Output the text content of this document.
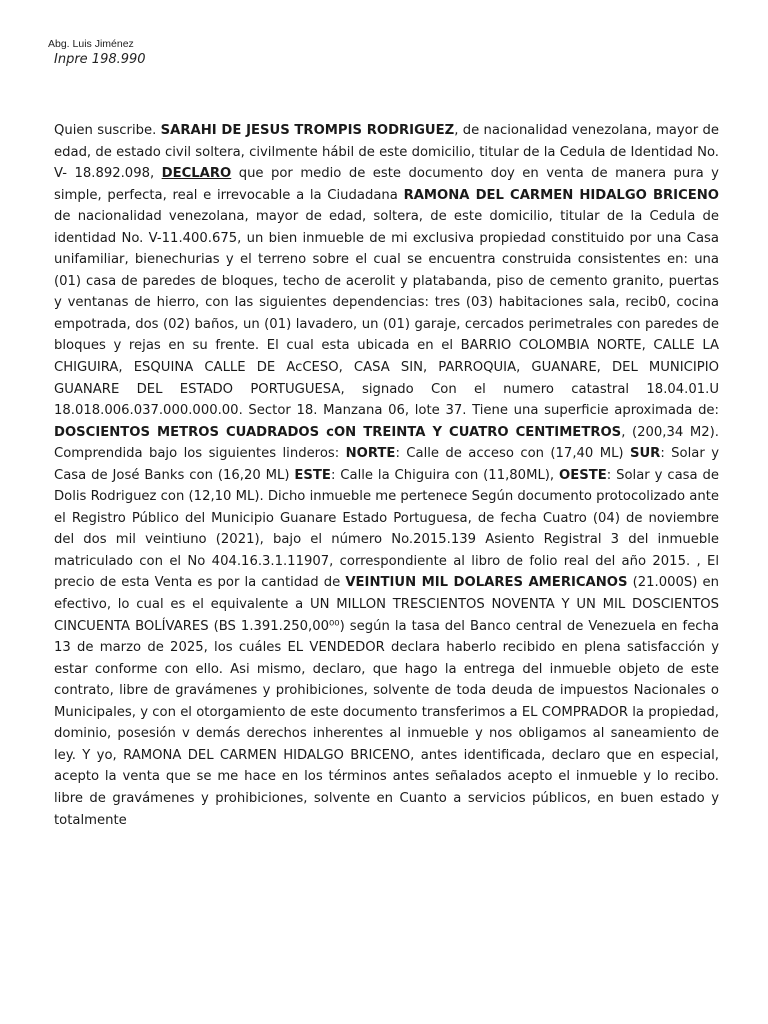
Abg. Luis Jiménez
Inpre 198.990

Quien suscribe. SARAHI DE JESUS TROMPIS RODRIGUEZ, de nacionalidad venezolana, mayor de edad, de estado civil soltera, civilmente hábil de este domicilio, titular de la Cedula de Identidad No. V- 18.892.098, DECLARO que por medio de este documento doy en venta de manera pura y simple, perfecta, real e irrevocable a la Ciudadana RAMONA DEL CARMEN HIDALGO BRICENO de nacionalidad venezolana, mayor de edad, soltera, de este domicilio, titular de la Cedula de identidad No. V-11.400.675, un bien inmueble de mi exclusiva propiedad constituido por una Casa unifamiliar, bienechurias y el terreno sobre el cual se encuentra construida consistentes en: una (01) casa de paredes de bloques, techo de acerolit y platabanda, piso de cemento granito, puertas y ventanas de hierro, con las siguientes dependencias: tres (03) habitaciones sala, recib0, cocina empotrada, dos (02) baños, un (01) lavadero, un (01) garaje, cercados perimetrales con paredes de bloques y rejas en su frente. El cual esta ubicada en el BARRIO COLOMBIA NORTE, CALLE LA CHIGUIRA, ESQUINA CALLE DE AcCESO, CASA SIN, PARROQUIA, GUANARE, DEL MUNICIPIO GUANARE DEL ESTADO PORTUGUESA, signado Con el numero catastral 18.04.01.U 18.018.006.037.000.000.00. Sector 18. Manzana 06, lote 37. Tiene una superficie aproximada de: DOSCIENTOS METROS CUADRADOS cON TREINTA Y CUATRO CENTIMETROS, (200,34 M2). Comprendida bajo los siguientes linderos: NORTE: Calle de acceso con (17,40 ML) SUR: Solar y Casa de José Banks con (16,20 ML) ESTE: Calle la Chiguira con (11,80ML), OESTE: Solar y casa de Dolis Rodriguez con (12,10 ML). Dicho inmueble me pertenece Según documento protocolizado ante el Registro Público del Municipio Guanare Estado Portuguesa, de fecha Cuatro (04) de noviembre del dos mil veintiuno (2021), bajo el número No.2015.139 Asiento Registral 3 del inmueble matriculado con el No 404.16.3.1.11907, correspondiente al libro de folio real del año 2015. , El precio de esta Venta es por la cantidad de VEINTIUN MIL DOLARES AMERICANOS (21.000S) en efectivo, lo cual es el equivalente a UN MILLON TRESCIENTOS NOVENTA Y UN MIL DOSCIENTOS CINCUENTA BOLÍVARES (BS 1.391.250,00⁰⁰) según la tasa del Banco central de Venezuela en fecha 13 de marzo de 2025, los cuáles EL VENDEDOR declara haberlo recibido en plena satisfacción y estar conforme con ello. Asi mismo, declaro, que hago la entrega del inmueble objeto de este contrato, libre de gravámenes y prohibiciones, solvente de toda deuda de impuestos Nacionales o Municipales, y con el otorgamiento de este documento transferimos a EL COMPRADOR la propiedad, dominio, posesión v demás derechos inherentes al inmueble y nos obligamos al saneamiento de ley. Y yo, RAMONA DEL CARMEN HIDALGO BRICENO, antes identificada, declaro que en especial, acepto la venta que se me hace en los términos antes señalados acepto el inmueble y lo recibo. libre de gravámenes y prohibiciones, solvente en Cuanto a servicios públicos, en buen estado y totalmente
